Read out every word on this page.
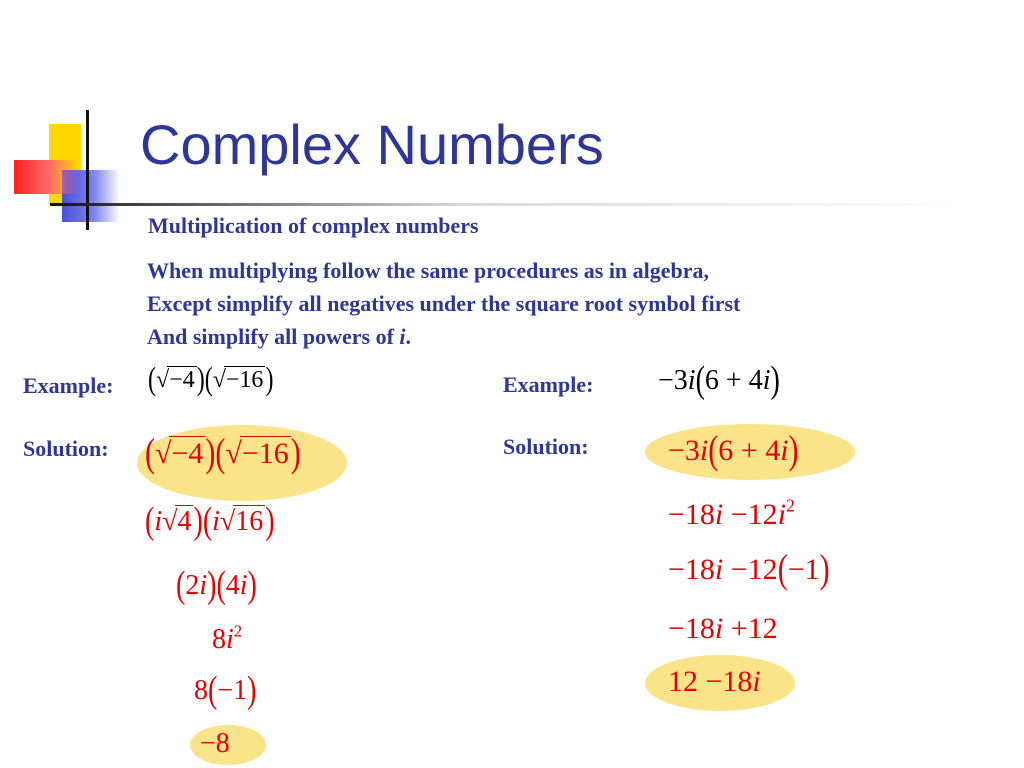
Complex Numbers
Multiplication of complex numbers
When multiplying follow the same procedures as in algebra,
Except simplify all negatives under the square root symbol first
And simplify all powers of i.
Example: (√−4)(√−16)
Solution: (√−4)(√−16)
(i√4)(i√16)
(2i)(4i)
$8i^2$
8(−1)
−8
Example: −3i(6 + 4i)
Solution:	−3i(6 + 4i)
$-18i -12i^2$
−18i −12(−1)
−18i +12
12 −18i
